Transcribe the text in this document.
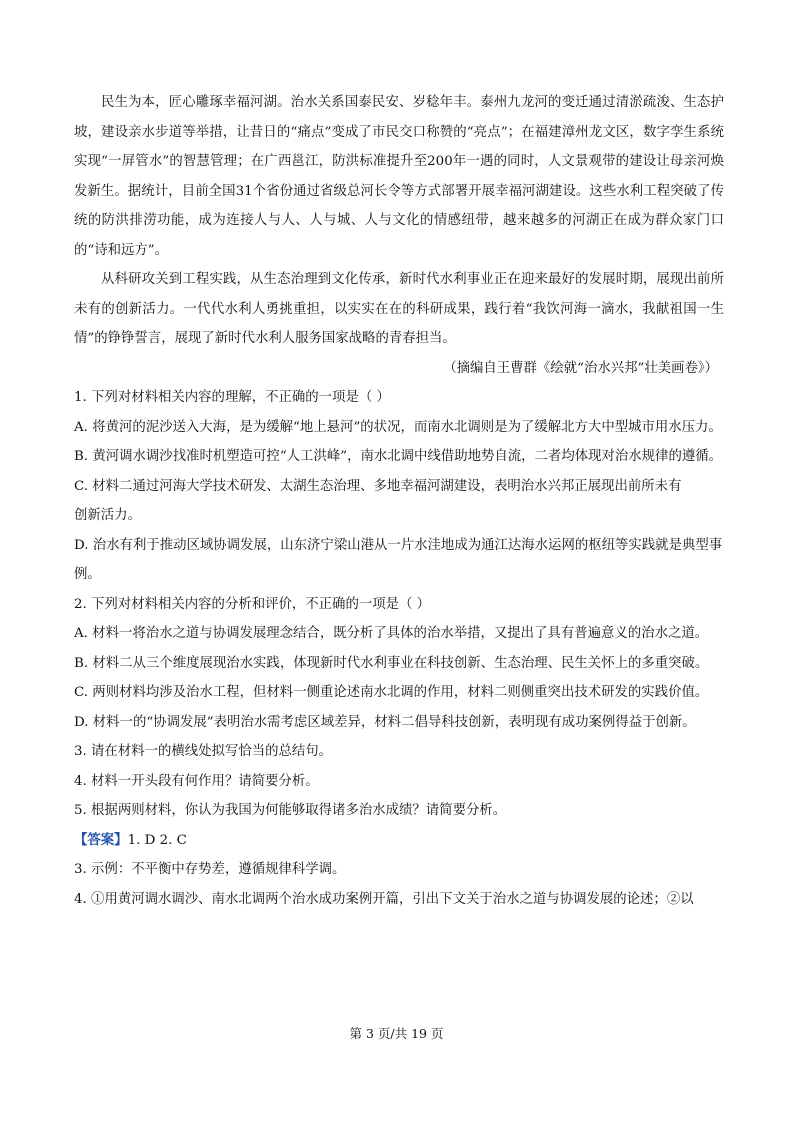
民生为本，匠心雕琢幸福河湖。治水关系国泰民安、岁稔年丰。泰州九龙河的变迁通过清淤疏浚、生态护坡，建设亲水步道等举措，让昔日的“痛点”变成了市民交口称赞的“亮点”；在福建漳州龙文区，数字孪生系统实现“一屏管水”的智慧管理；在广西邕江，防洪标准提升至200年一遇的同时，人文景观带的建设让母亲河焕发新生。据统计，目前全国31个省份通过省级总河长令等方式部署开展幸福河湖建设。这些水利工程突破了传统的防洪排涝功能，成为连接人与人、人与城、人与文化的情感纽带，越来越多的河湖正在成为群众家门口的“诗和远方”。

从科研攻关到工程实践，从生态治理到文化传承，新时代水利事业正在迎来最好的发展时期，展现出前所未有的创新活力。一代代水利人勇挑重担，以实实在在的科研成果，践行着“我饮河海一滴水，我献祖国一生情”的铮铮誓言，展现了新时代水利人服务国家战略的青春担当。

（摘编自王曹群《绘就“治水兴邦”壮美画卷》）

1. 下列对材料相关内容的理解，不正确的一项是（ ）

A. 将黄河的泥沙送入大海，是为缓解“地上悬河”的状况，而南水北调则是为了缓解北方大中型城市用水压力。

B. 黄河调水调沙找准时机塑造可控“人工洪峰”，南水北调中线借助地势自流，二者均体现对治水规律的遵循。

C. 材料二通过河海大学技术研发、太湖生态治理、多地幸福河湖建设，表明治水兴邦正展现出前所未有

创新活力。

D. 治水有利于推动区域协调发展，山东济宁梁山港从一片水洼地成为通江达海水运网的枢纽等实践就是典型事例。

2. 下列对材料相关内容的分析和评价，不正确的一项是（ ）

A. 材料一将治水之道与协调发展理念结合，既分析了具体的治水举措，又提出了具有普遍意义的治水之道。

B. 材料二从三个维度展现治水实践，体现新时代水利事业在科技创新、生态治理、民生关怀上的多重突破。

C. 两则材料均涉及治水工程，但材料一侧重论述南水北调的作用，材料二则侧重突出技术研发的实践价值。

D. 材料一的“协调发展”表明治水需考虑区域差异，材料二倡导科技创新，表明现有成功案例得益于创新。

3. 请在材料一的横线处拟写恰当的总结句。

4. 材料一开头段有何作用？请简要分析。

5. 根据两则材料，你认为我国为何能够取得诸多治水成绩？请简要分析。

【答案】1. D 2. C

3. 示例：不平衡中存势差，遵循规律科学调。

4. ①用黄河调水调沙、南水北调两个治水成功案例开篇，引出下文关于治水之道与协调发展的论述；②以

第 3 页/共 19 页
